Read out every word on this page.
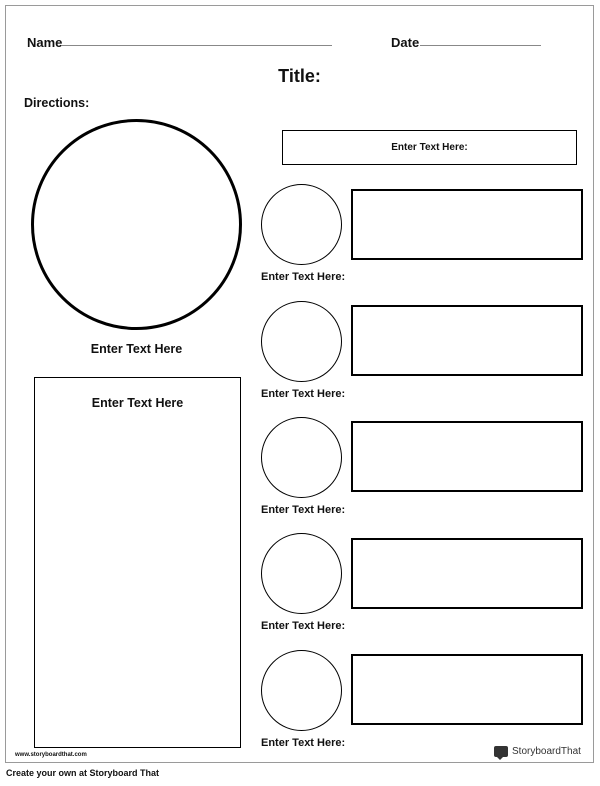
Name	Date
Title:
Directions:
Enter Text Here
Enter Text Here
Enter Text Here:
Enter Text Here:
Enter Text Here:
Enter Text Here:
Enter Text Here:
Enter Text Here:
www.storyboardthat.com	StoryboardThat
Create your own at Storyboard That
